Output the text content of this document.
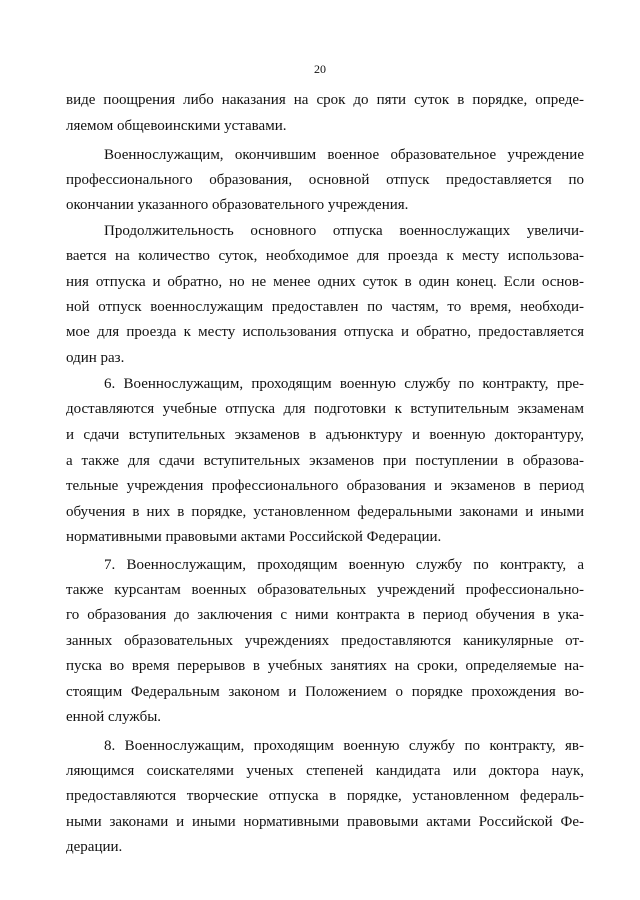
20
виде поощрения либо наказания на срок до пяти суток в порядке, опреде-
ляемом общевоинскими уставами.
Военнослужащим, окончившим военное образовательное учреждение
профессионального образования, основной отпуск предоставляется по
окончании указанного образовательного учреждения.
Продолжительность основного отпуска военнослужащих увеличи-
вается на количество суток, необходимое для проезда к месту использова-
ния отпуска и обратно, но не менее одних суток в один конец. Если основ-
ной отпуск военнослужащим предоставлен по частям, то время, необходи-
мое для проезда к месту использования отпуска и обратно, предоставляется
один раз.
6. Военнослужащим, проходящим военную службу по контракту, пре-
доставляются учебные отпуска для подготовки к вступительным экзаменам
и сдачи вступительных экзаменов в адъюнктуру и военную докторантуру,
а также для сдачи вступительных экзаменов при поступлении в образова-
тельные учреждения профессионального образования и экзаменов в период
обучения в них в порядке, установленном федеральными законами и иными
нормативными правовыми актами Российской Федерации.
7. Военнослужащим, проходящим военную службу по контракту, а
также курсантам военных образовательных учреждений профессионально-
го образования до заключения с ними контракта в период обучения в ука-
занных образовательных учреждениях предоставляются каникулярные от-
пуска во время перерывов в учебных занятиях на сроки, определяемые на-
стоящим Федеральным законом и Положением о порядке прохождения во-
енной службы.
8. Военнослужащим, проходящим военную службу по контракту, яв-
ляющимся соискателями ученых степеней кандидата или доктора наук,
предоставляются творческие отпуска в порядке, установленном федераль-
ными законами и иными нормативными правовыми актами Российской Фе-
дерации.
